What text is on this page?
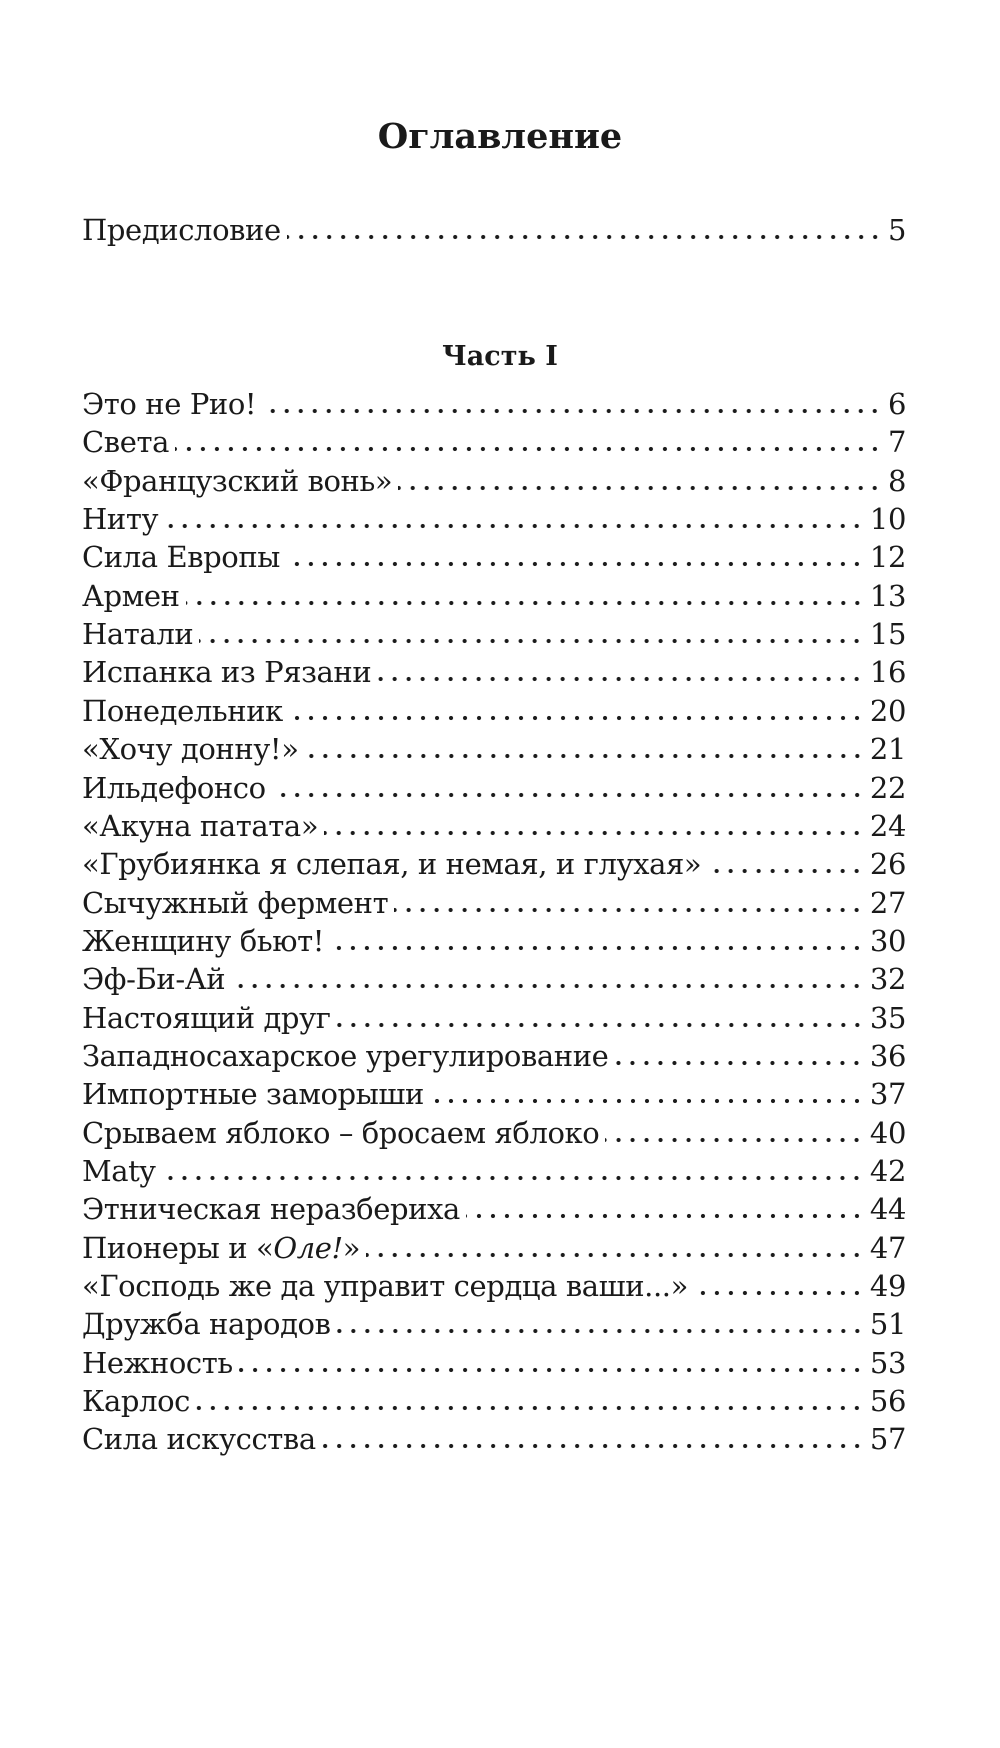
Оглавление
Предисловие	5
Часть I
Это не Рио!	6
Света	7
«Французский вонь»	8
Ниту	10
Сила Европы	12
Армен	13
Натали	15
Испанка из Рязани	16
Понедельник	20
«Хочу донну!»	21
Ильдефонсо	22
«Акуна патата»	24
«Грубиянка я слепая, и немая, и глухая»	26
Сычужный фермент	27
Женщину бьют!	30
Эф-Би-Ай	32
Настоящий друг	35
Западносахарское урегулирование	36
Импортные заморыши	37
Срываем яблоко – бросаем яблоко	40
Maty	42
Этническая неразбериха	44
Пионеры и «Оле!»	47
«Господь же да управит сердца ваши...»	49
Дружба народов	51
Нежность	53
Карлос	56
Сила искусства	57
